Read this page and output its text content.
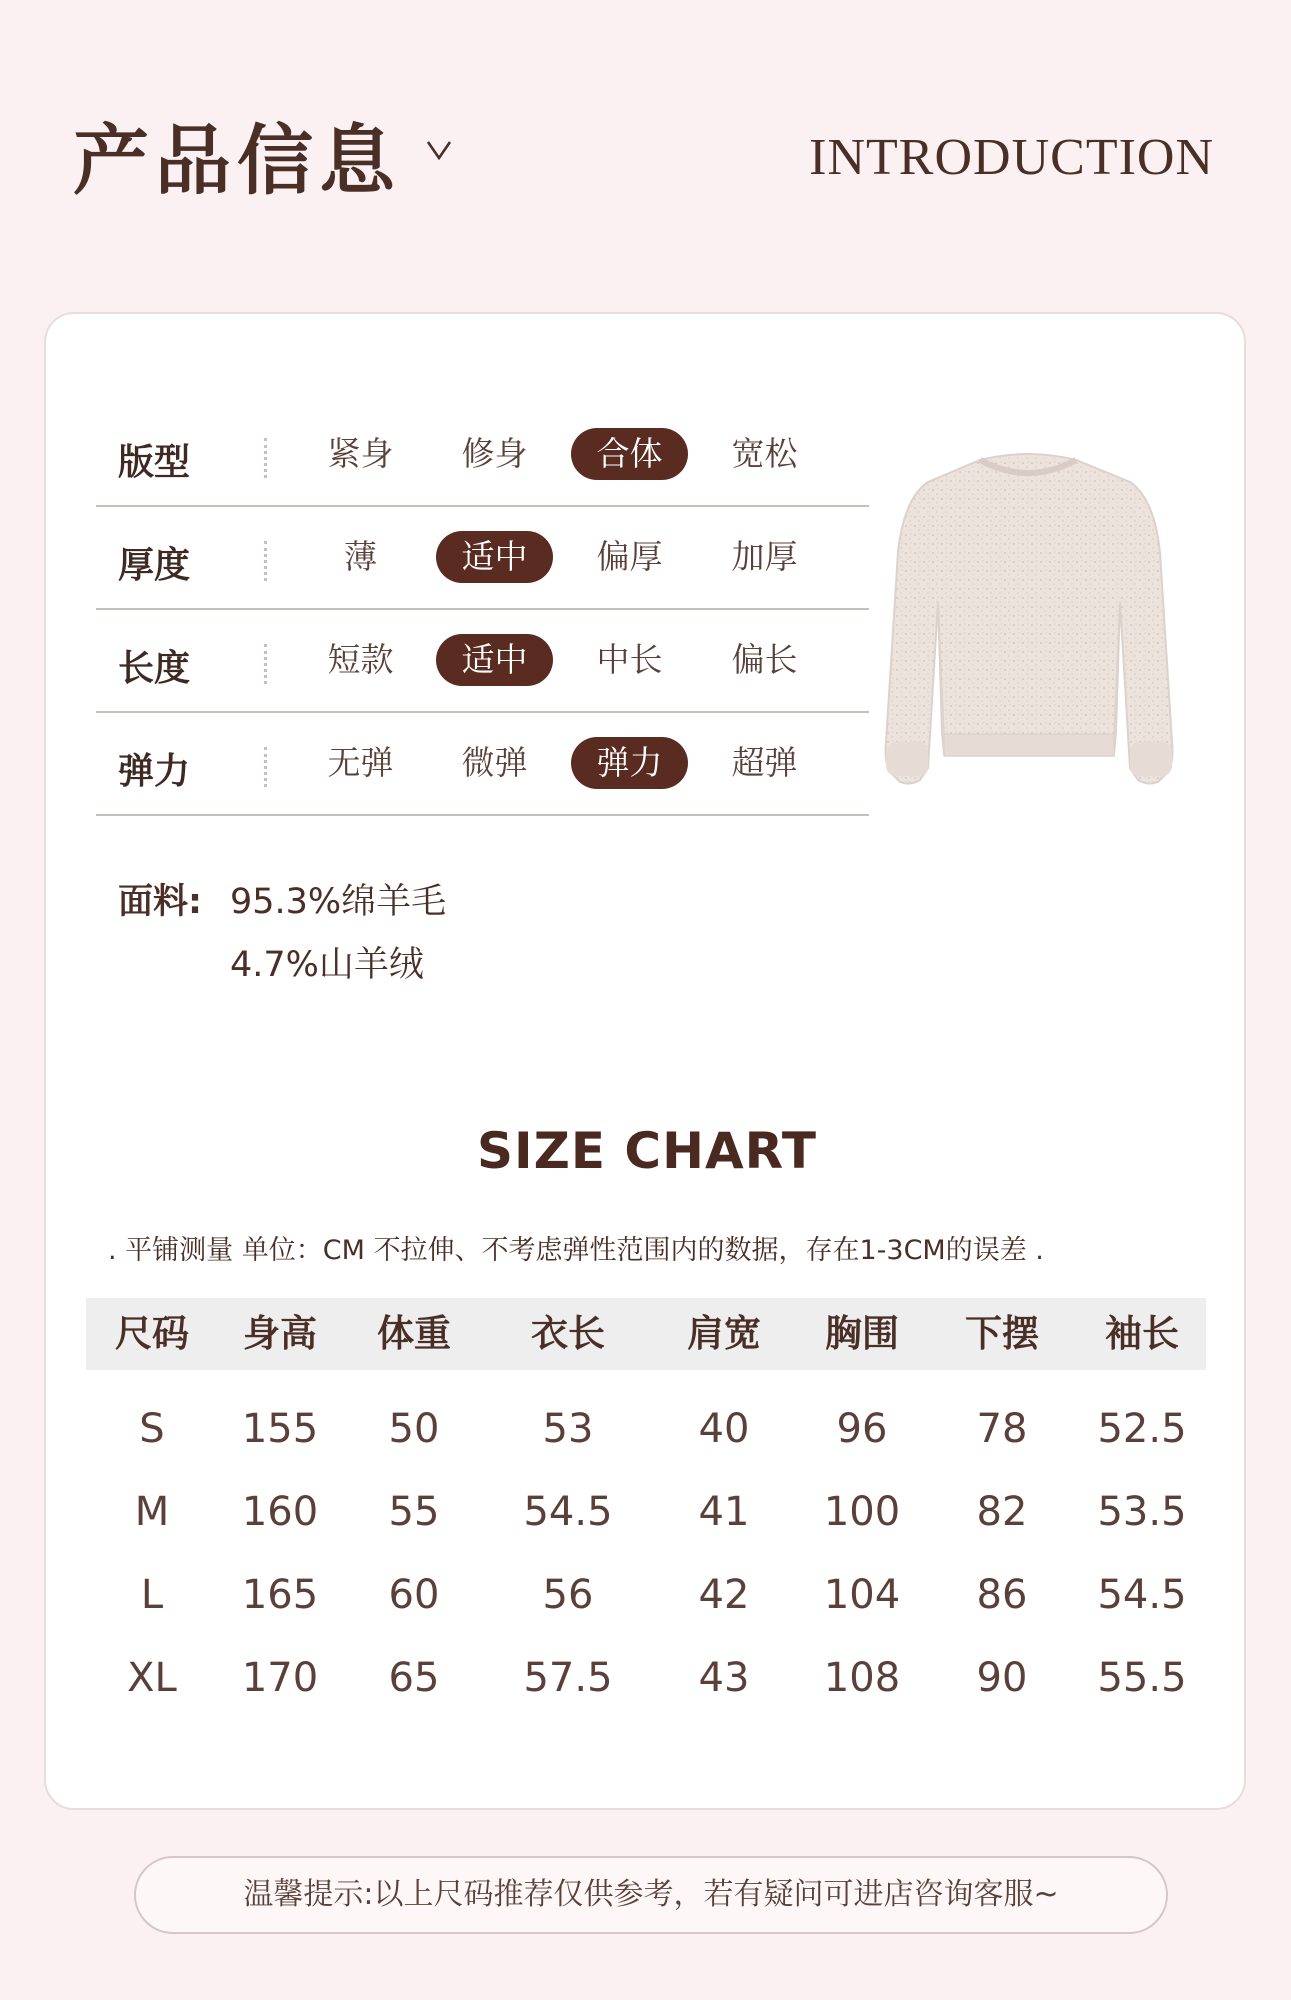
产品信息	INTRODUCTION
版型	紧身	修身	合体	宽松
厚度	薄	适中	偏厚	加厚
长度	短款	适中	中长	偏长
弹力	无弹	微弹	弹力	超弹
面料: 95.3%绵羊毛
4.7%山羊绒
SIZE CHART
. 平铺测量 单位：CM 不拉伸、不考虑弹性范围内的数据，存在1-3CM的误差 .
尺码	身高	体重	衣长	肩宽	胸围	下摆	袖长
S	155	50	53	40	96	78	52.5
M	160	55	54.5	41	100	82	53.5
L	165	60	56	42	104	86	54.5
XL	170	65	57.5	43	108	90	55.5
温馨提示:以上尺码推荐仅供参考，若有疑问可进店咨询客服~
